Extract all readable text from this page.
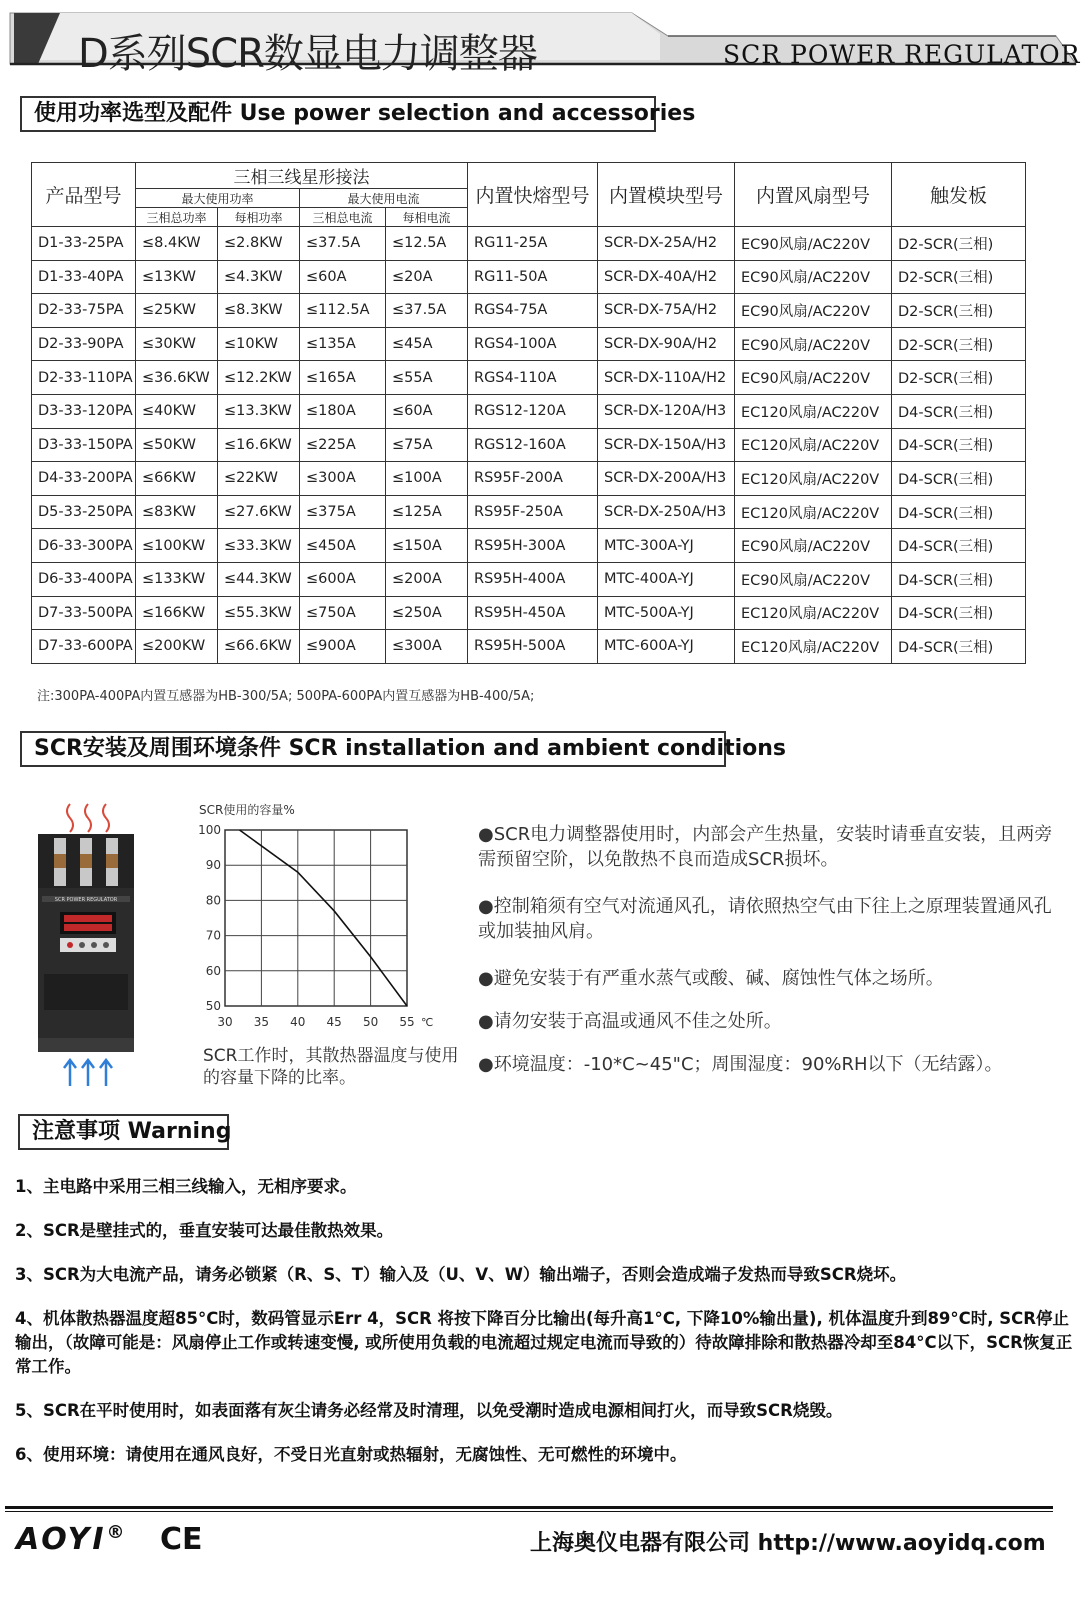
D系列SCR数显电力调整器	SCR POWER REGULATOR
使用功率选型及配件 Use power selection and accessories
产品型号	三相三线星形接法				内置快熔型号	内置模块型号	内置风扇型号	触发板
	最大使用功率		最大使用电流					
	三相总功率	每相功率	三相总电流	每相电流				
D1-33-25PA	≤8.4KW	≤2.8KW	≤37.5A	≤12.5A	RG11-25A	SCR-DX-25A/H2	EC90风扇/AC220V	D2-SCR(三相)
D1-33-40PA	≤13KW	≤4.3KW	≤60A	≤20A	RG11-50A	SCR-DX-40A/H2	EC90风扇/AC220V	D2-SCR(三相)
D2-33-75PA	≤25KW	≤8.3KW	≤112.5A	≤37.5A	RGS4-75A	SCR-DX-75A/H2	EC90风扇/AC220V	D2-SCR(三相)
D2-33-90PA	≤30KW	≤10KW	≤135A	≤45A	RGS4-100A	SCR-DX-90A/H2	EC90风扇/AC220V	D2-SCR(三相)
D2-33-110PA	≤36.6KW	≤12.2KW	≤165A	≤55A	RGS4-110A	SCR-DX-110A/H2	EC90风扇/AC220V	D2-SCR(三相)
D3-33-120PA	≤40KW	≤13.3KW	≤180A	≤60A	RGS12-120A	SCR-DX-120A/H3	EC120风扇/AC220V	D4-SCR(三相)
D3-33-150PA	≤50KW	≤16.6KW	≤225A	≤75A	RGS12-160A	SCR-DX-150A/H3	EC120风扇/AC220V	D4-SCR(三相)
D4-33-200PA	≤66KW	≤22KW	≤300A	≤100A	RS95F-200A	SCR-DX-200A/H3	EC120风扇/AC220V	D4-SCR(三相)
D5-33-250PA	≤83KW	≤27.6KW	≤375A	≤125A	RS95F-250A	SCR-DX-250A/H3	EC120风扇/AC220V	D4-SCR(三相)
D6-33-300PA	≤100KW	≤33.3KW	≤450A	≤150A	RS95H-300A	MTC-300A-YJ	EC90风扇/AC220V	D4-SCR(三相)
D6-33-400PA	≤133KW	≤44.3KW	≤600A	≤200A	RS95H-400A	MTC-400A-YJ	EC90风扇/AC220V	D4-SCR(三相)
D7-33-500PA	≤166KW	≤55.3KW	≤750A	≤250A	RS95H-450A	MTC-500A-YJ	EC120风扇/AC220V	D4-SCR(三相)
D7-33-600PA	≤200KW	≤66.6KW	≤900A	≤300A	RS95H-500A	MTC-600A-YJ	EC120风扇/AC220V	D4-SCR(三相)
注:300PA-400PA内置互感器为HB-300/5A; 500PA-600PA内置互感器为HB-400/5A;
SCR安装及周围环境条件 SCR installation and ambient conditions
SCR POWER REGULATOR
SCR使用的容量%
30 35 40 45 50 55 ℃
100
90
80
70
60
50
SCR工作时，其散热器温度与使用的容量下降的比率。
●SCR电力调整器使用时，内部会产生热量，安装时请垂直安装，且两旁需预留空阶，以免散热不良而造成SCR损坏。
●控制箱须有空气对流通风孔，请依照热空气由下往上之原理装置通风孔或加装抽风肩。
●避免安装于有严重水蒸气或酸、碱、腐蚀性气体之场所。
●请勿安装于高温或通风不佳之处所。
●环境温度：-10*C~45"C；周围湿度：90%RH以下（无结露）。
注意事项 Warning
1、主电路中采用三相三线输入，无相序要求。
2、SCR是壁挂式的，垂直安装可达最佳散热效果。
3、SCR为大电流产品，请务必锁紧（R、S、T）输入及（U、V、W）输出端子，否则会造成端子发热而导致SCR烧坏。
4、机体散热器温度超85°C时，数码管显示Err 4，SCR 将按下降百分比输出(每升高1°C, 下降10%输出量), 机体温度升到89°C时, SCR停止输出，（故障可能是：风扇停止工作或转速变慢, 或所使用负载的电流超过规定电流而导致的）待故障排除和散热器冷却至84°C以下，SCR恢复正常工作。
5、SCR在平时使用时，如表面落有灰尘请务必经常及时清理，以免受潮时造成电源相间打火，而导致SCR烧毁。
6、使用环境：请使用在通风良好，不受日光直射或热辐射，无腐蚀性、无可燃性的环境中。
AOYI® CE	上海奥仪电器有限公司 http://www.aoyidq.com
